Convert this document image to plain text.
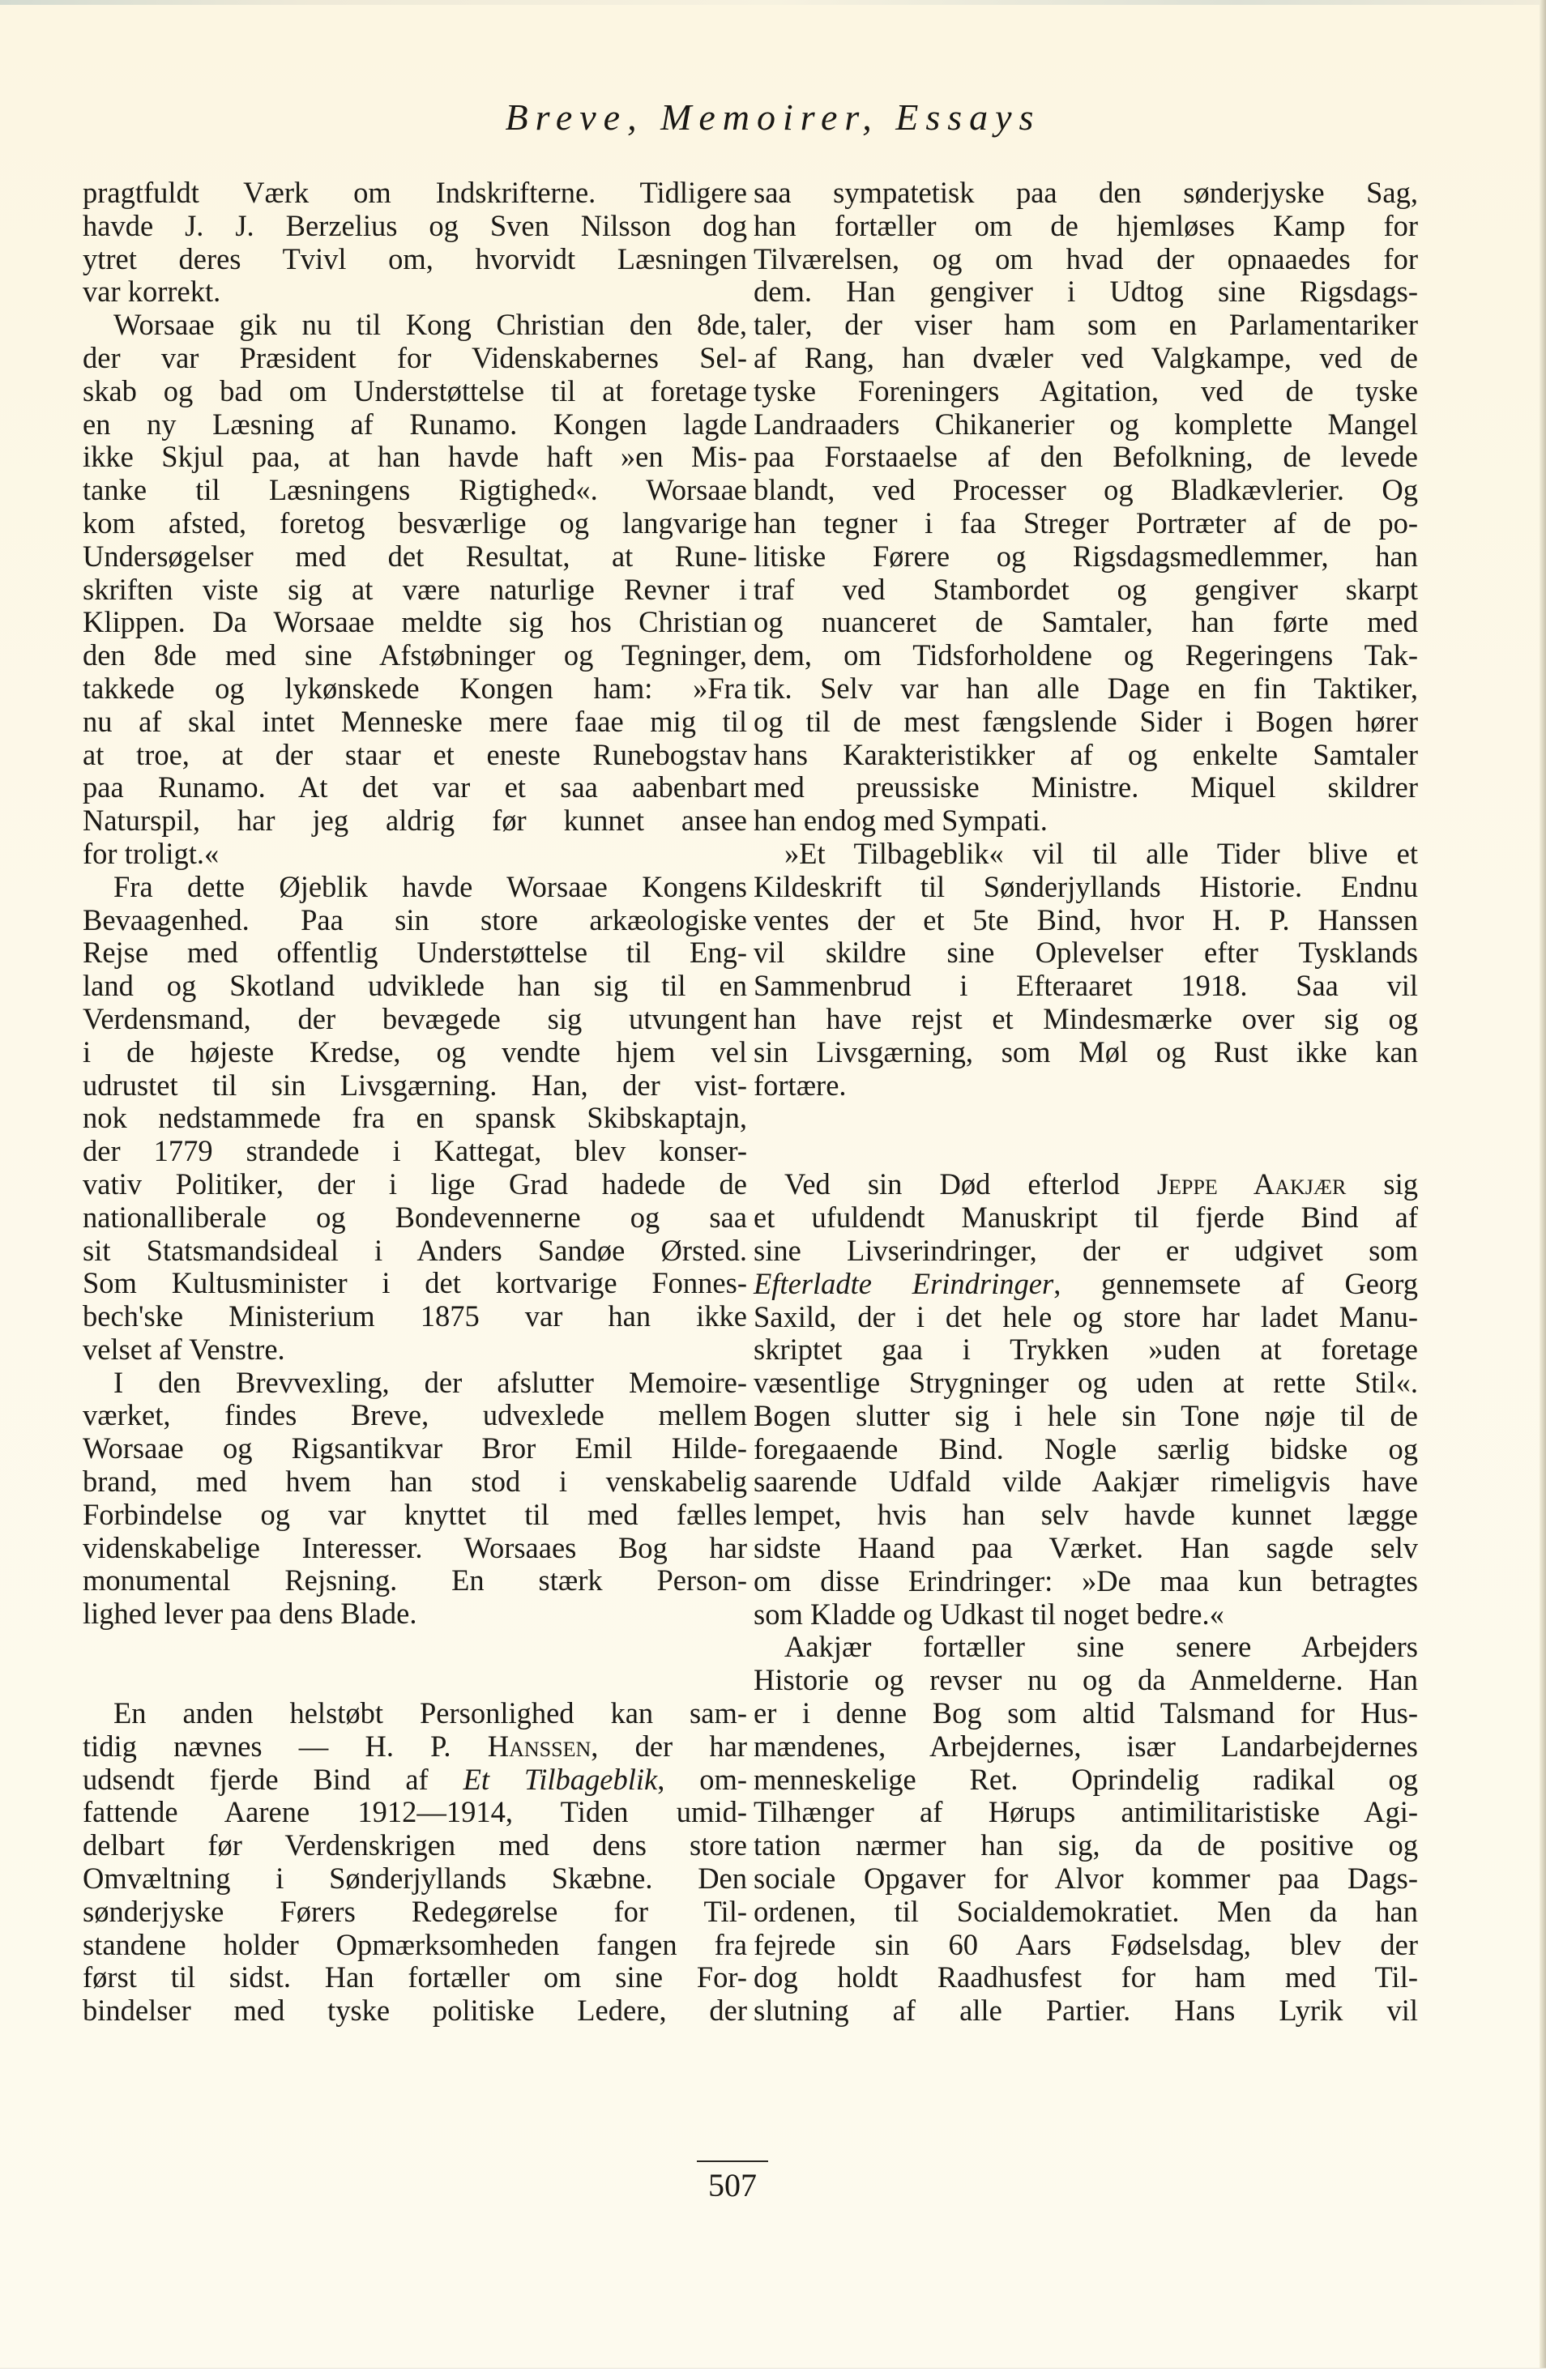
Breve, Memoirer, Essays
pragtfuldt Værk om Indskrifterne. Tidligere
havde J. J. Berzelius og Sven Nilsson dog
ytret deres Tvivl om, hvorvidt Læsningen
var korrekt.
Worsaae gik nu til Kong Christian den 8de,
der var Præsident for Videnskabernes Sel-
skab og bad om Understøttelse til at foretage
en ny Læsning af Runamo. Kongen lagde
ikke Skjul paa, at han havde haft »en Mis-
tanke til Læsningens Rigtighed«. Worsaae
kom afsted, foretog besværlige og langvarige
Undersøgelser med det Resultat, at Rune-
skriften viste sig at være naturlige Revner i
Klippen. Da Worsaae meldte sig hos Christian
den 8de med sine Afstøbninger og Tegninger,
takkede og lykønskede Kongen ham: »Fra
nu af skal intet Menneske mere faae mig til
at troe, at der staar et eneste Runebogstav
paa Runamo. At det var et saa aabenbart
Naturspil, har jeg aldrig før kunnet ansee
for troligt.«
Fra dette Øjeblik havde Worsaae Kongens
Bevaagenhed. Paa sin store arkæologiske
Rejse med offentlig Understøttelse til Eng-
land og Skotland udviklede han sig til en
Verdensmand, der bevægede sig utvungent
i de højeste Kredse, og vendte hjem vel
udrustet til sin Livsgærning. Han, der vist-
nok nedstammede fra en spansk Skibskaptajn,
der 1779 strandede i Kattegat, blev konser-
vativ Politiker, der i lige Grad hadede de
nationalliberale og Bondevennerne og saa
sit Statsmandsideal i Anders Sandøe Ørsted.
Som Kultusminister i det kortvarige Fonnes-
bech'ske Ministerium 1875 var han ikke
velset af Venstre.
I den Brevvexling, der afslutter Memoire-
værket, findes Breve, udvexlede mellem
Worsaae og Rigsantikvar Bror Emil Hilde-
brand, med hvem han stod i venskabelig
Forbindelse og var knyttet til med fælles
videnskabelige Interesser. Worsaaes Bog har
monumental Rejsning. En stærk Person-
lighed lever paa dens Blade.
En anden helstøbt Personlighed kan sam-
tidig nævnes — H. P. Hanssen, der har
udsendt fjerde Bind af Et Tilbageblik, om-
fattende Aarene 1912—1914, Tiden umid-
delbart før Verdenskrigen med dens store
Omvæltning i Sønderjyllands Skæbne. Den
sønderjyske Førers Redegørelse for Til-
standene holder Opmærksomheden fangen fra
først til sidst. Han fortæller om sine For-
bindelser med tyske politiske Ledere, der
saa sympatetisk paa den sønderjyske Sag,
han fortæller om de hjemløses Kamp for
Tilværelsen, og om hvad der opnaaedes for
dem. Han gengiver i Udtog sine Rigsdags-
taler, der viser ham som en Parlamentariker
af Rang, han dvæler ved Valgkampe, ved de
tyske Foreningers Agitation, ved de tyske
Landraaders Chikanerier og komplette Mangel
paa Forstaaelse af den Befolkning, de levede
blandt, ved Processer og Bladkævlerier. Og
han tegner i faa Streger Portræter af de po-
litiske Førere og Rigsdagsmedlemmer, han
traf ved Stambordet og gengiver skarpt
og nuanceret de Samtaler, han førte med
dem, om Tidsforholdene og Regeringens Tak-
tik. Selv var han alle Dage en fin Taktiker,
og til de mest fængslende Sider i Bogen hører
hans Karakteristikker af og enkelte Samtaler
med preussiske Ministre. Miquel skildrer
han endog med Sympati.
»Et Tilbageblik« vil til alle Tider blive et
Kildeskrift til Sønderjyllands Historie. Endnu
ventes der et 5te Bind, hvor H. P. Hanssen
vil skildre sine Oplevelser efter Tysklands
Sammenbrud i Efteraaret 1918. Saa vil
han have rejst et Mindesmærke over sig og
sin Livsgærning, som Møl og Rust ikke kan
fortære.
Ved sin Død efterlod Jeppe Aakjær sig
et ufuldendt Manuskript til fjerde Bind af
sine Livserindringer, der er udgivet som
Efterladte Erindringer, gennemsete af Georg
Saxild, der i det hele og store har ladet Manu-
skriptet gaa i Trykken »uden at foretage
væsentlige Strygninger og uden at rette Stil«.
Bogen slutter sig i hele sin Tone nøje til de
foregaaende Bind. Nogle særlig bidske og
saarende Udfald vilde Aakjær rimeligvis have
lempet, hvis han selv havde kunnet lægge
sidste Haand paa Værket. Han sagde selv
om disse Erindringer: »De maa kun betragtes
som Kladde og Udkast til noget bedre.«
Aakjær fortæller sine senere Arbejders
Historie og revser nu og da Anmelderne. Han
er i denne Bog som altid Talsmand for Hus-
mændenes, Arbejdernes, især Landarbejdernes
menneskelige Ret. Oprindelig radikal og
Tilhænger af Hørups antimilitaristiske Agi-
tation nærmer han sig, da de positive og
sociale Opgaver for Alvor kommer paa Dags-
ordenen, til Socialdemokratiet. Men da han
fejrede sin 60 Aars Fødselsdag, blev der
dog holdt Raadhusfest for ham med Til-
slutning af alle Partier. Hans Lyrik vil
507
